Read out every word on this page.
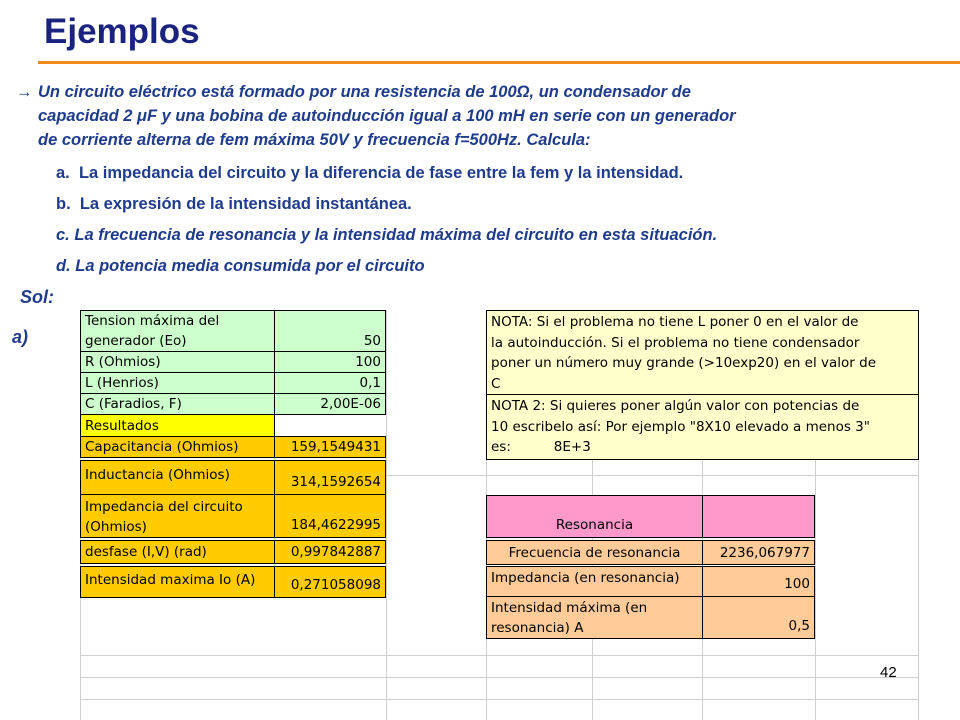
Ejemplos
→ Un circuito eléctrico está formado por una resistencia de 100Ω, un condensador de
capacidad 2 μF y una bobina de autoinducción igual a 100 mH en serie con un generador
de corriente alterna de fem máxima 50V y frecuencia f=500Hz. Calcula:
a. La impedancia del circuito y la diferencia de fase entre la fem y la intensidad.
b. La expresión de la intensidad instantánea.
c. La frecuencia de resonancia y la intensidad máxima del circuito en esta situación.
d. La potencia media consumida por el circuito
Sol:
a)
Tension máxima del
generador (Eo)	50
R (Ohmios)	100
L (Henrios)	0,1
C (Faradios, F)	2,00E-06
Resultados
Capacitancia (Ohmios)	159,1549431
Inductancia (Ohmios)	314,1592654
Impedancia del circuito
(Ohmios)	184,4622995
desfase (I,V) (rad)	0,997842887
Intensidad maxima Io (A)	0,271058098
NOTA: Si el problema no tiene L poner 0 en el valor de
la autoinducción. Si el problema no tiene condensador
poner un número muy grande (>10exp20) en el valor de
C
NOTA 2: Si quieres poner algún valor con potencias de
10 escribelo así: Por ejemplo "8X10 elevado a menos 3"
es:          8E+3
Resonancia
Frecuencia de resonancia	2236,067977
Impedancia (en resonancia)	100
Intensidad máxima (en
resonancia) A	0,5
42
